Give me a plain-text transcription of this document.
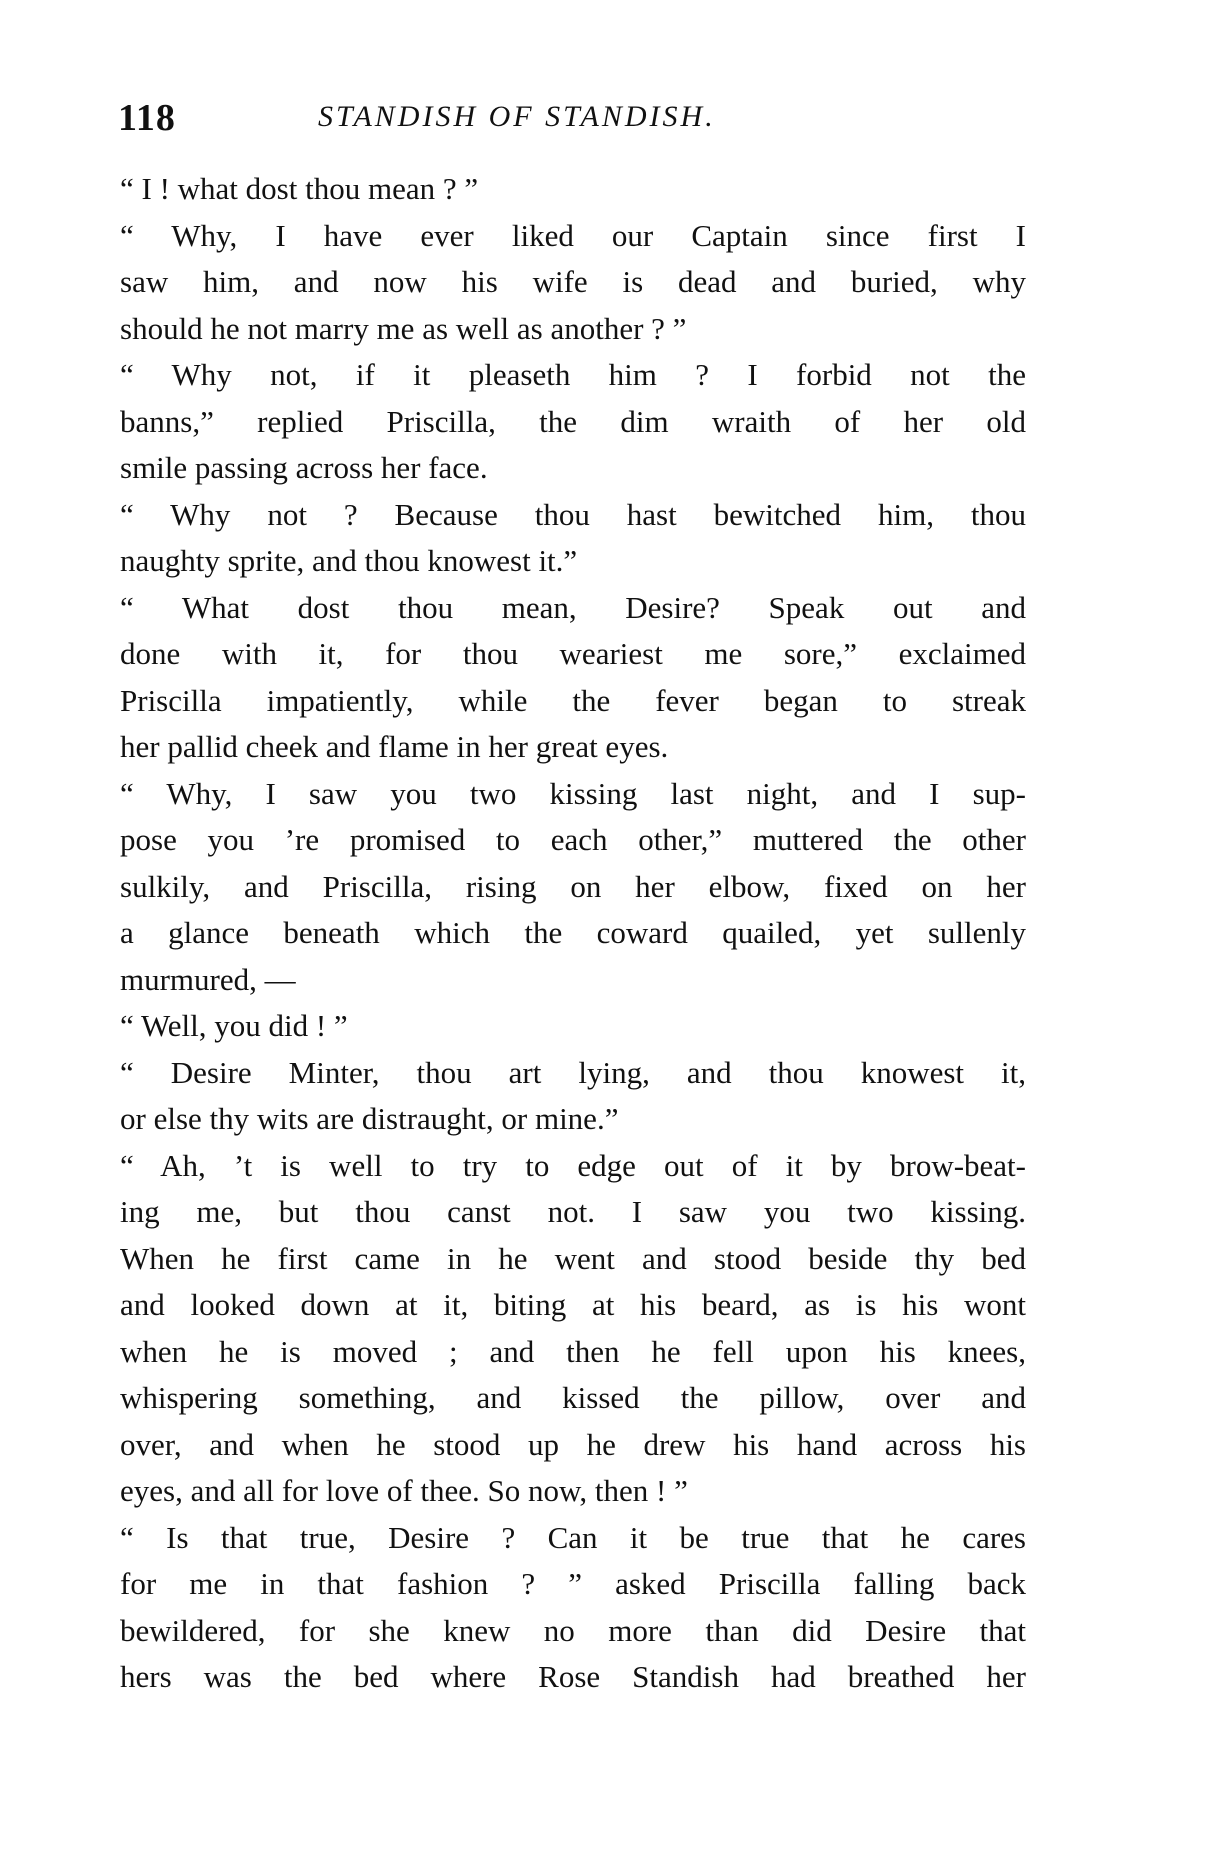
118	STANDISH OF STANDISH.
“ I ! what dost thou mean ? ”
“ Why, I have ever liked our Captain since first I
saw him, and now his wife is dead and buried, why
should he not marry me as well as another ? ”
“ Why not, if it pleaseth him ? I forbid not the
banns,” replied Priscilla, the dim wraith of her old
smile passing across her face.
“ Why not ? Because thou hast bewitched him, thou
naughty sprite, and thou knowest it.”
“ What dost thou mean, Desire? Speak out and
done with it, for thou weariest me sore,” exclaimed
Priscilla impatiently, while the fever began to streak
her pallid cheek and flame in her great eyes.
“ Why, I saw you two kissing last night, and I sup-
pose you ’re promised to each other,” muttered the other
sulkily, and Priscilla, rising on her elbow, fixed on her
a glance beneath which the coward quailed, yet sullenly
murmured, —
“ Well, you did ! ”
“ Desire Minter, thou art lying, and thou knowest it,
or else thy wits are distraught, or mine.”
“ Ah, ’t is well to try to edge out of it by brow-beat-
ing me, but thou canst not. I saw you two kissing.
When he first came in he went and stood beside thy bed
and looked down at it, biting at his beard, as is his wont
when he is moved ; and then he fell upon his knees,
whispering something, and kissed the pillow, over and
over, and when he stood up he drew his hand across his
eyes, and all for love of thee. So now, then ! ”
“ Is that true, Desire ? Can it be true that he cares
for me in that fashion ? ” asked Priscilla falling back
bewildered, for she knew no more than did Desire that
hers was the bed where Rose Standish had breathed her
